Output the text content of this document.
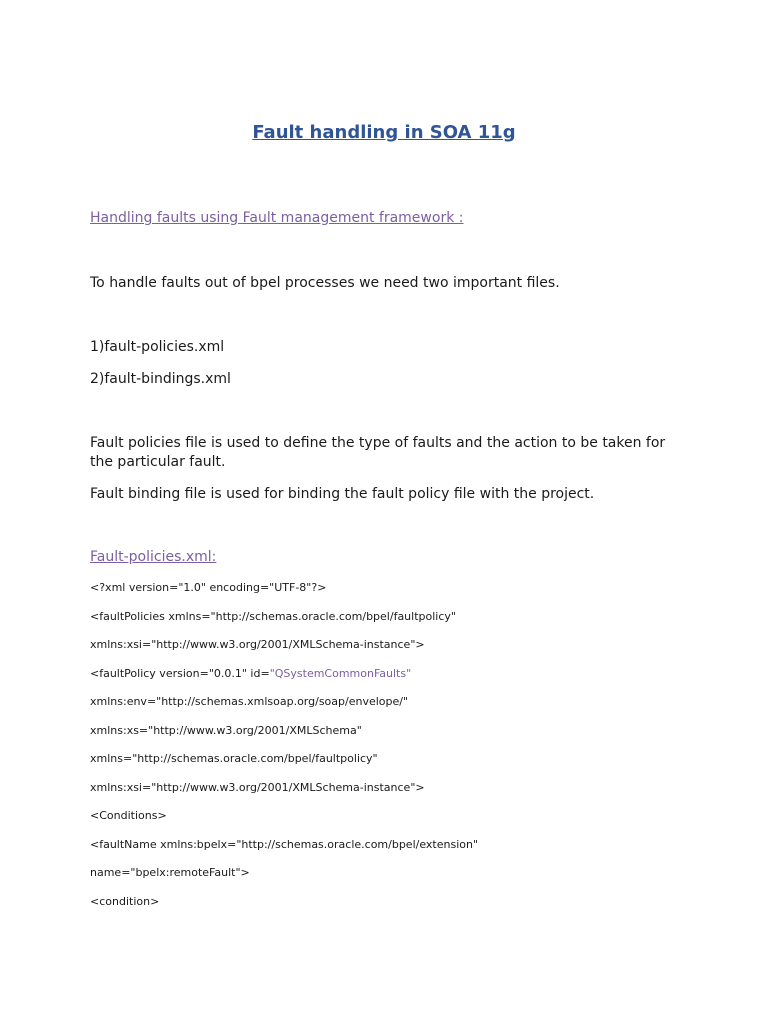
Fault handling in SOA 11g

Handling faults using Fault management framework :

To handle faults out of bpel processes we need two important files.

1)fault-policies.xml

2)fault-bindings.xml

Fault policies file is used to define the type of faults and the action to be taken for the particular fault.

Fault binding file is used for binding the fault policy file with the project.

Fault-policies.xml:

<?xml version="1.0" encoding="UTF-8"?>

<faultPolicies xmlns="http://schemas.oracle.com/bpel/faultpolicy"

xmlns:xsi="http://www.w3.org/2001/XMLSchema-instance">

<faultPolicy version="0.0.1" id="QSystemCommonFaults"

xmlns:env="http://schemas.xmlsoap.org/soap/envelope/"

xmlns:xs="http://www.w3.org/2001/XMLSchema"

xmlns="http://schemas.oracle.com/bpel/faultpolicy"

xmlns:xsi="http://www.w3.org/2001/XMLSchema-instance">

<Conditions>

<faultName xmlns:bpelx="http://schemas.oracle.com/bpel/extension"

name="bpelx:remoteFault">

<condition>
